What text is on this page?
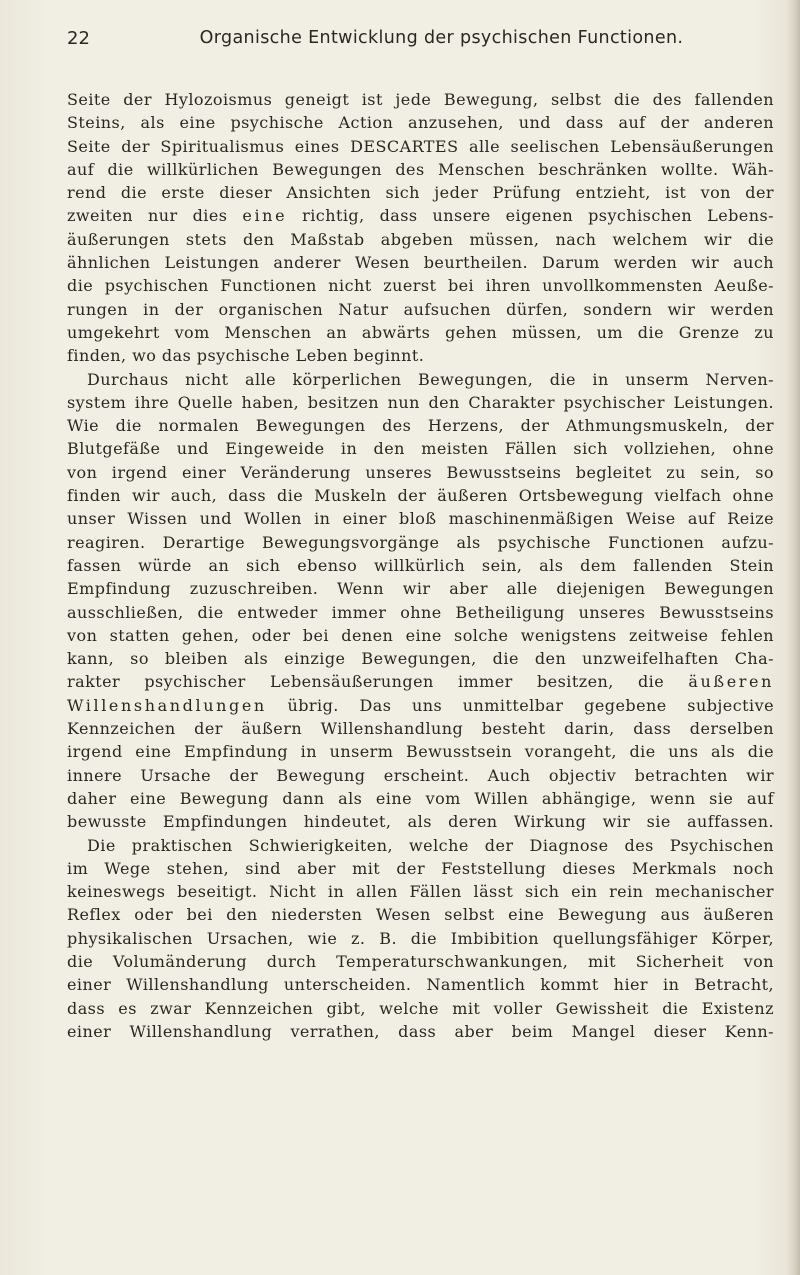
22	Organische Entwicklung der psychischen Functionen.
Seite der Hylozoismus geneigt ist jede Bewegung, selbst die des fallenden
Steins, als eine psychische Action anzusehen, und dass auf der anderen
Seite der Spiritualismus eines DESCARTES alle seelischen Lebensäußerungen
auf die willkürlichen Bewegungen des Menschen beschränken wollte. Wäh-
rend die erste dieser Ansichten sich jeder Prüfung entzieht, ist von der
zweiten nur dies eine richtig, dass unsere eigenen psychischen Lebens-
äußerungen stets den Maßstab abgeben müssen, nach welchem wir die
ähnlichen Leistungen anderer Wesen beurtheilen. Darum werden wir auch
die psychischen Functionen nicht zuerst bei ihren unvollkommensten Aeuße-
rungen in der organischen Natur aufsuchen dürfen, sondern wir werden
umgekehrt vom Menschen an abwärts gehen müssen, um die Grenze zu
finden, wo das psychische Leben beginnt.
Durchaus nicht alle körperlichen Bewegungen, die in unserm Nerven-
system ihre Quelle haben, besitzen nun den Charakter psychischer Leistungen.
Wie die normalen Bewegungen des Herzens, der Athmungsmuskeln, der
Blutgefäße und Eingeweide in den meisten Fällen sich vollziehen, ohne
von irgend einer Veränderung unseres Bewusstseins begleitet zu sein, so
finden wir auch, dass die Muskeln der äußeren Ortsbewegung vielfach ohne
unser Wissen und Wollen in einer bloß maschinenmäßigen Weise auf Reize
reagiren. Derartige Bewegungsvorgänge als psychische Functionen aufzu-
fassen würde an sich ebenso willkürlich sein, als dem fallenden Stein
Empfindung zuzuschreiben. Wenn wir aber alle diejenigen Bewegungen
ausschließen, die entweder immer ohne Betheiligung unseres Bewusstseins
von statten gehen, oder bei denen eine solche wenigstens zeitweise fehlen
kann, so bleiben als einzige Bewegungen, die den unzweifelhaften Cha-
rakter psychischer Lebensäußerungen immer besitzen, die äußeren
Willenshandlungen übrig. Das uns unmittelbar gegebene subjective
Kennzeichen der äußern Willenshandlung besteht darin, dass derselben
irgend eine Empfindung in unserm Bewusstsein vorangeht, die uns als die
innere Ursache der Bewegung erscheint. Auch objectiv betrachten wir
daher eine Bewegung dann als eine vom Willen abhängige, wenn sie auf
bewusste Empfindungen hindeutet, als deren Wirkung wir sie auffassen.
Die praktischen Schwierigkeiten, welche der Diagnose des Psychischen
im Wege stehen, sind aber mit der Feststellung dieses Merkmals noch
keineswegs beseitigt. Nicht in allen Fällen lässt sich ein rein mechanischer
Reflex oder bei den niedersten Wesen selbst eine Bewegung aus äußeren
physikalischen Ursachen, wie z. B. die Imbibition quellungsfähiger Körper,
die Volumänderung durch Temperaturschwankungen, mit Sicherheit von
einer Willenshandlung unterscheiden. Namentlich kommt hier in Betracht,
dass es zwar Kennzeichen gibt, welche mit voller Gewissheit die Existenz
einer Willenshandlung verrathen, dass aber beim Mangel dieser Kenn-
